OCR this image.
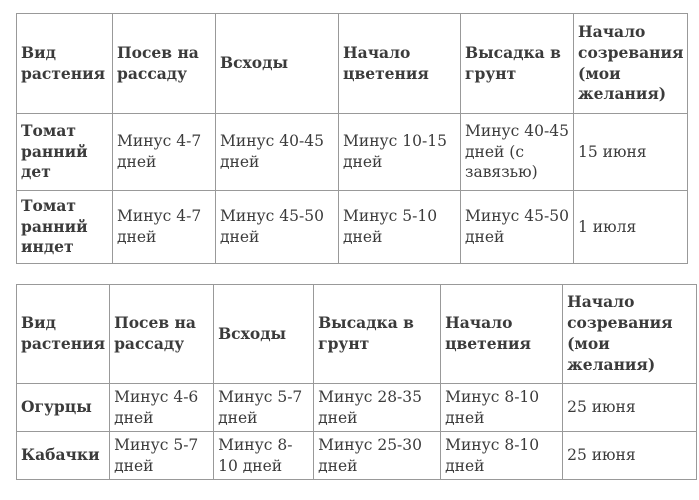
Вид растения	Посев на рассаду	Всходы	Начало цветения	Высадка в грунт	Начало созревания (мои желания)
Томат ранний дет	Минус 4-7 дней	Минус 40-45 дней	Минус 10-15 дней	Минус 40-45 дней (с завязью)	15 июня
Томат ранний индет	Минус 4-7 дней	Минус 45-50 дней	Минус 5-10 дней	Минус 45-50 дней	1 июля
Вид растения	Посев на рассаду	Всходы	Высадка в грунт	Начало цветения	Начало созревания (мои желания)
Огурцы	Минус 4-6 дней	Минус 5-7 дней	Минус 28-35 дней	Минус 8-10 дней	25 июня
Кабачки	Минус 5-7 дней	Минус 8-10 дней	Минус 25-30 дней	Минус 8-10 дней	25 июня
